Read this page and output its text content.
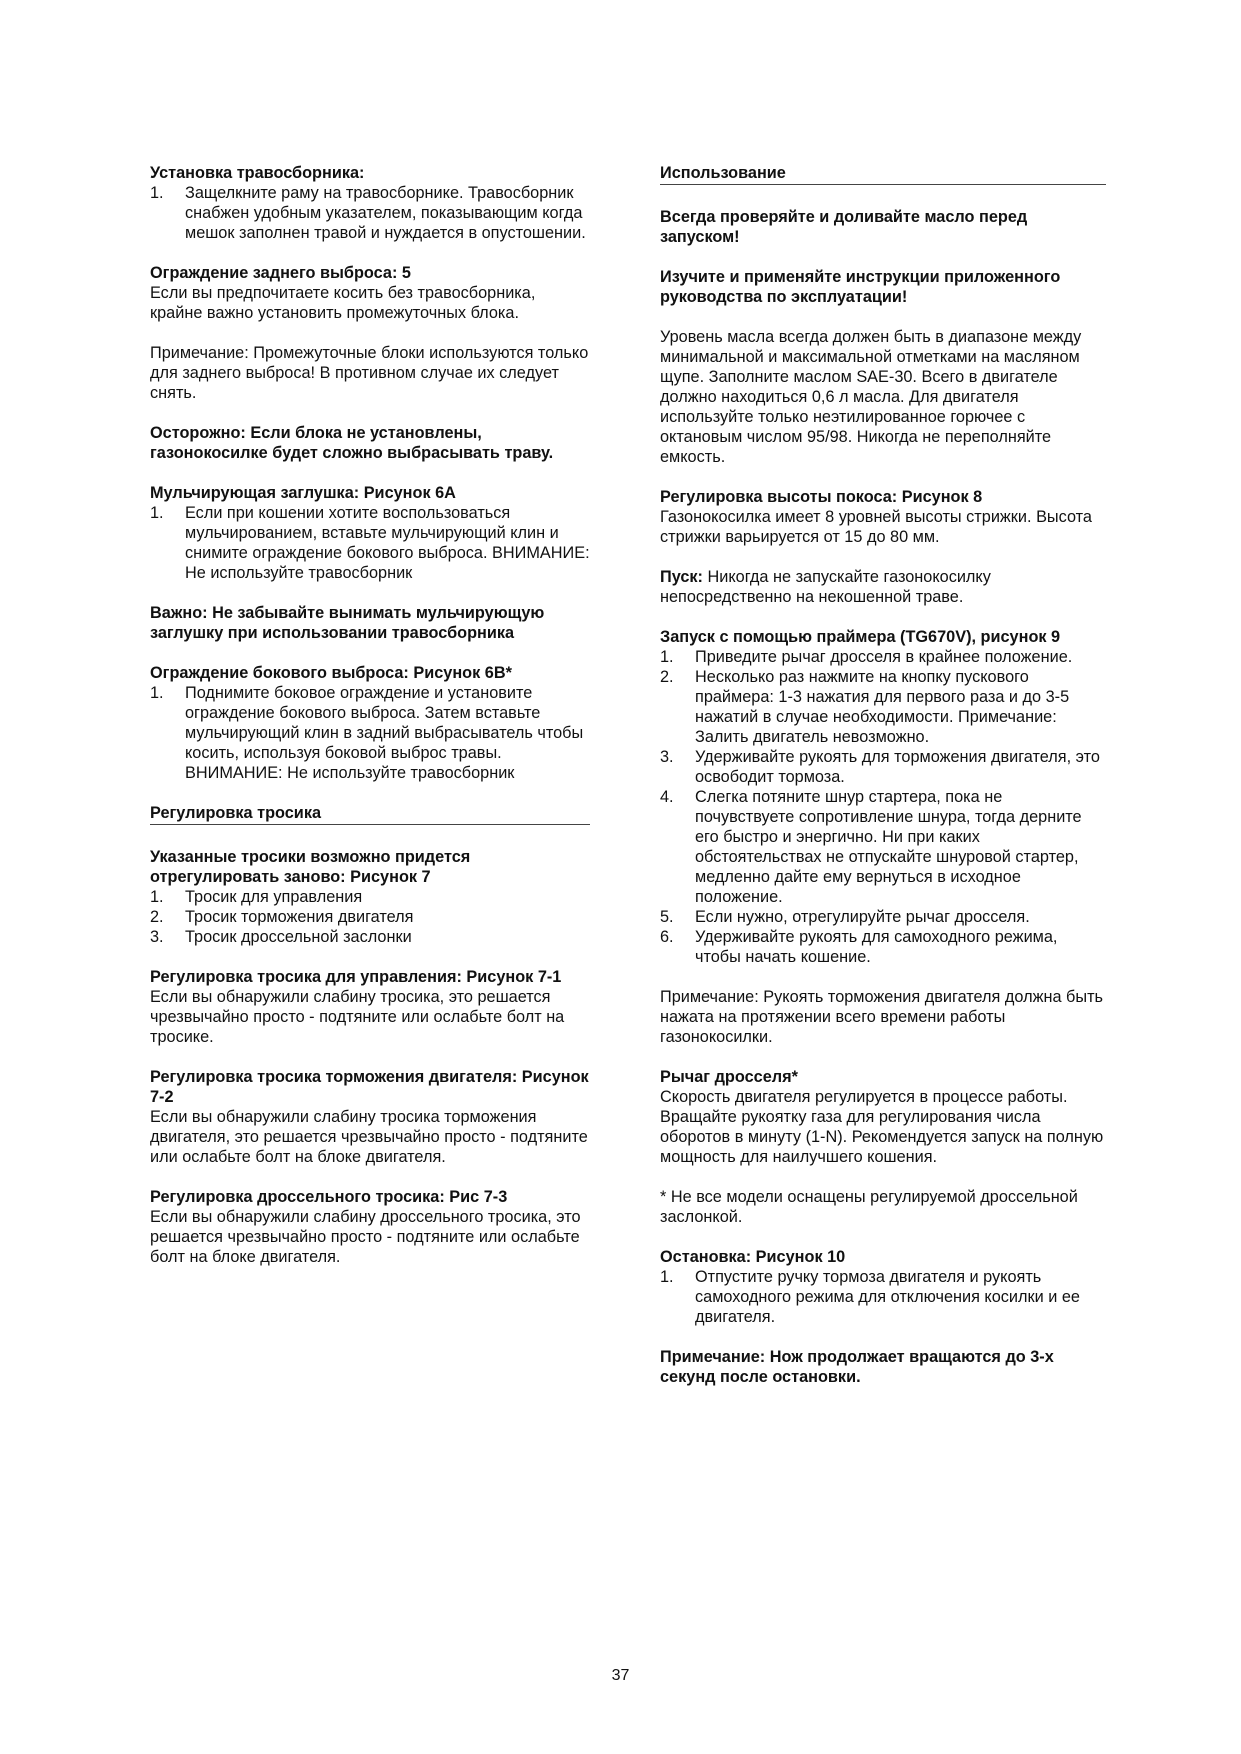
Установка травосборника:

1. Защелкните раму на травосборнике. Травосборник снабжен удобным указателем, показывающим когда мешок заполнен травой и нуждается в опустошении.

Ограждение заднего выброса: 5

Если вы предпочитаете косить без травосборника, крайне важно установить промежуточных блока.

Примечание: Промежуточные блоки используются только для заднего выброса! В противном случае их следует снять.

Осторожно: Если блока не установлены, газонокосилке будет сложно выбрасывать траву.

Мульчирующая заглушка: Рисунок 6A

1. Если при кошении хотите воспользоваться мульчированием, вставьте мульчирующий клин и снимите ограждение бокового выброса. ВНИМАНИЕ: Не используйте травосборник

Важно: Не забывайте вынимать мульчирующую заглушку при использовании травосборника

Ограждение бокового выброса: Рисунок 6B*

1. Поднимите боковое ограждение и установите ограждение бокового выброса. Затем вставьте мульчирующий клин в задний выбрасыватель чтобы косить, используя боковой выброс травы. ВНИМАНИЕ: Не используйте травосборник

Регулировка тросика

Указанные тросики возможно придется отрегулировать заново: Рисунок 7

1. Тросик для управления
2. Тросик торможения двигателя
3. Тросик дроссельной заслонки

Регулировка тросика для управления: Рисунок 7-1

Если вы обнаружили слабину тросика, это решается чрезвычайно просто - подтяните или ослабьте болт на тросике.

Регулировка тросика торможения двигателя: Рисунок 7-2

Если вы обнаружили слабину тросика торможения двигателя, это решается чрезвычайно просто - подтяните или ослабьте болт на блоке двигателя.

Регулировка дроссельного тросика: Рис 7-3

Если вы обнаружили слабину дроссельного тросика, это решается чрезвычайно просто - подтяните или ослабьте болт на блоке двигателя.

Использование

Всегда проверяйте и доливайте масло перед запуском!

Изучите и применяйте инструкции приложенного руководства по эксплуатации!

Уровень масла всегда должен быть в диапазоне между минимальной и максимальной отметками на масляном щупе. Заполните маслом SAE-30. Всего в двигателе должно находиться 0,6 л масла. Для двигателя используйте только неэтилированное горючее с октановым числом 95/98. Никогда не переполняйте емкость.

Регулировка высоты покоса: Рисунок 8

Газонокосилка имеет 8 уровней высоты стрижки. Высота стрижки варьируется от 15 до 80 мм.

Пуск: Никогда не запускайте газонокосилку непосредственно на некошенной траве.

Запуск с помощью праймера (TG670V), рисунок 9

1. Приведите рычаг дросселя в крайнее положение.
2. Несколько раз нажмите на кнопку пускового праймера: 1-3 нажатия для первого раза и до 3-5 нажатий в случае необходимости. Примечание: Залить двигатель невозможно.
3. Удерживайте рукоять для торможения двигателя, это освободит тормоза.
4. Слегка потяните шнур стартера, пока не почувствуете сопротивление шнура, тогда дерните его быстро и энергично. Ни при каких обстоятельствах не отпускайте шнуровой стартер, медленно дайте ему вернуться в исходное положение.
5. Если нужно, отрегулируйте рычаг дросселя.
6. Удерживайте рукоять для самоходного режима, чтобы начать кошение.

Примечание: Рукоять торможения двигателя должна быть нажата на протяжении всего времени работы газонокосилки.

Рычаг дросселя*

Скорость двигателя регулируется в процессе работы. Вращайте рукоятку газа для регулирования числа оборотов в минуту (1-N). Рекомендуется запуск на полную мощность для наилучшего кошения.

* Не все модели оснащены регулируемой дроссельной заслонкой.

Остановка: Рисунок 10

1. Отпустите ручку тормоза двигателя и рукоять самоходного режима для отключения косилки и ее двигателя.

Примечание: Нож продолжает вращаются до 3-х секунд после остановки.

37
